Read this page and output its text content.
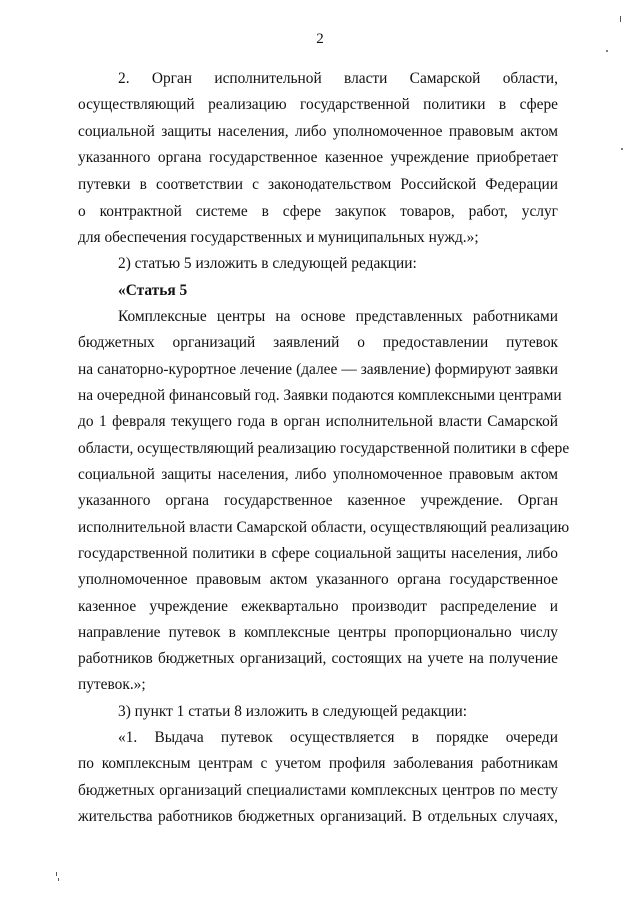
2
2. Орган исполнительной власти Самарской области,
осуществляющий реализацию государственной политики в сфере
социальной защиты населения, либо уполномоченное правовым актом
указанного органа государственное казенное учреждение приобретает
путевки в соответствии с законодательством Российской Федерации
о контрактной системе в сфере закупок товаров, работ, услуг
для обеспечения государственных и муниципальных нужд.»;
2) статью 5 изложить в следующей редакции:
«Статья 5
Комплексные центры на основе представленных работниками
бюджетных организаций заявлений о предоставлении путевок
на санаторно-курортное лечение (далее — заявление) формируют заявки
на очередной финансовый год. Заявки подаются комплексными центрами
до 1 февраля текущего года в орган исполнительной власти Самарской
области, осуществляющий реализацию государственной политики в сфере
социальной защиты населения, либо уполномоченное правовым актом
указанного органа государственное казенное учреждение. Орган
исполнительной власти Самарской области, осуществляющий реализацию
государственной политики в сфере социальной защиты населения, либо
уполномоченное правовым актом указанного органа государственное
казенное учреждение ежеквартально производит распределение и
направление путевок в комплексные центры пропорционально числу
работников бюджетных организаций, состоящих на учете на получение
путевок.»;
3) пункт 1 статьи 8 изложить в следующей редакции:
«1. Выдача путевок осуществляется в порядке очереди
по комплексным центрам с учетом профиля заболевания работникам
бюджетных организаций специалистами комплексных центров по месту
жительства работников бюджетных организаций. В отдельных случаях,
